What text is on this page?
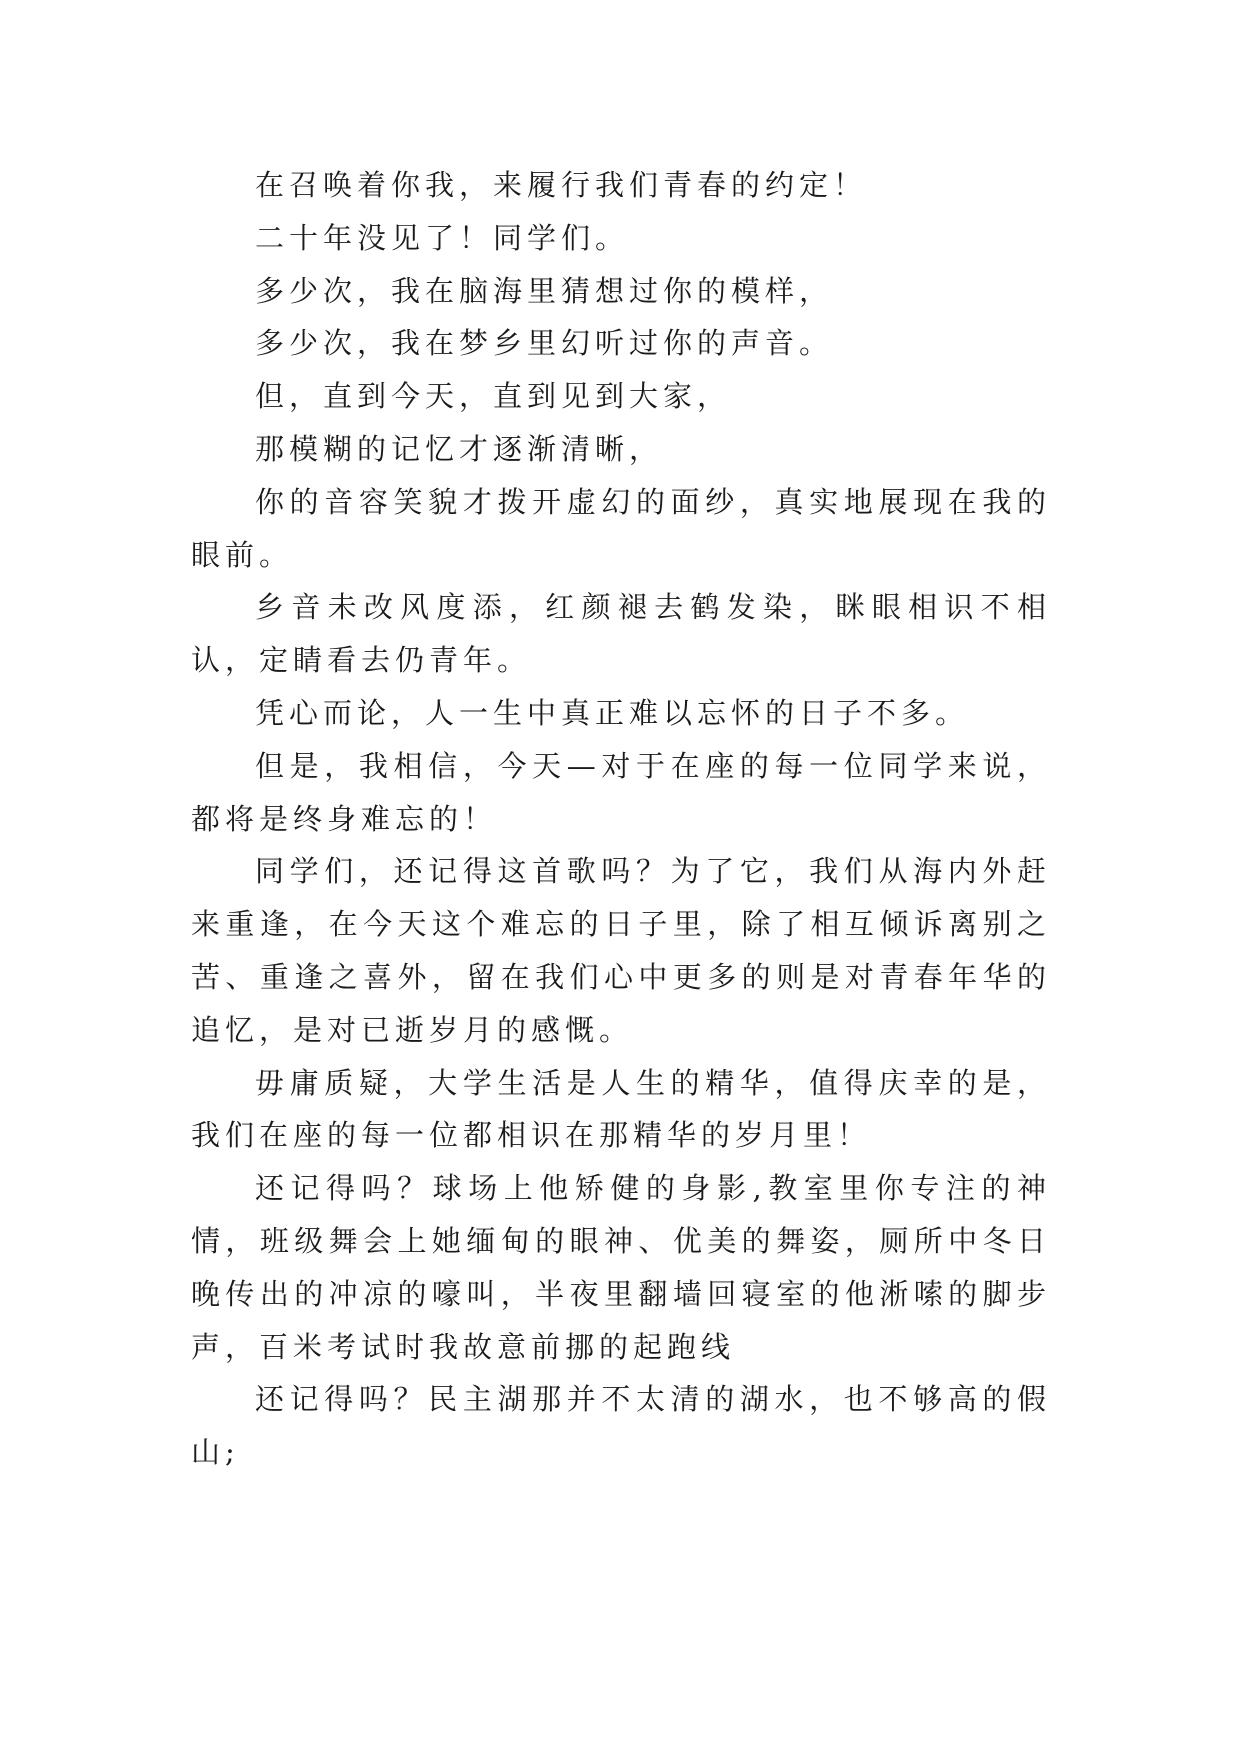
在召唤着你我，来履行我们青春的约定！

二十年没见了！同学们。

多少次，我在脑海里猜想过你的模样，

多少次，我在梦乡里幻听过你的声音。

但，直到今天，直到见到大家，

那模糊的记忆才逐渐清晰，

你的音容笑貌才拨开虚幻的面纱，真实地展现在我的眼前。

乡音未改风度添，红颜褪去鹤发染，眯眼相识不相认，定睛看去仍青年。

凭心而论，人一生中真正难以忘怀的日子不多。

但是，我相信，今天—对于在座的每一位同学来说，都将是终身难忘的！

同学们，还记得这首歌吗？为了它，我们从海内外赶来重逢，在今天这个难忘的日子里，除了相互倾诉离别之苦、重逢之喜外，留在我们心中更多的则是对青春年华的追忆，是对已逝岁月的感慨。

毋庸质疑，大学生活是人生的精华，值得庆幸的是，我们在座的每一位都相识在那精华的岁月里！

还记得吗？球场上他矫健的身影,教室里你专注的神情，班级舞会上她缅甸的眼神、优美的舞姿，厕所中冬日晚传出的冲凉的嚎叫，半夜里翻墙回寝室的他淅嗦的脚步声，百米考试时我故意前挪的起跑线

还记得吗？民主湖那并不太清的湖水，也不够高的假山;
